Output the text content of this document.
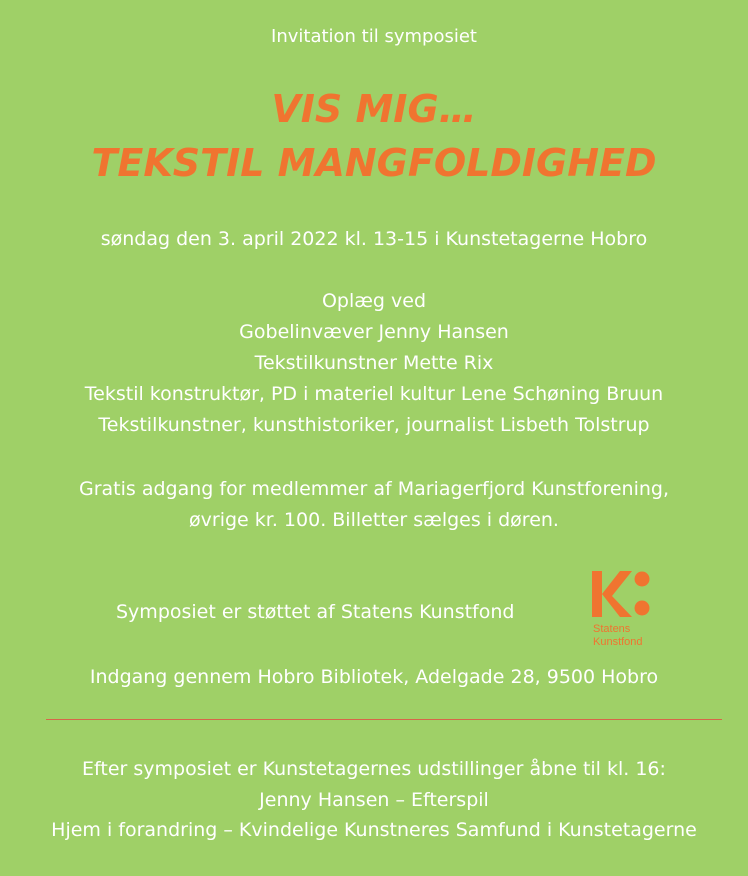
Invitation til symposiet
VIS MIG…
TEKSTIL MANGFOLDIGHED
søndag den 3. april 2022 kl. 13-15 i Kunstetagerne Hobro
Oplæg ved
Gobelinvæver Jenny Hansen
Tekstilkunstner Mette Rix
Tekstil konstruktør, PD i materiel kultur Lene Schøning Bruun
Tekstilkunstner, kunsthistoriker, journalist Lisbeth Tolstrup
Gratis adgang for medlemmer af Mariagerfjord Kunstforening,
øvrige kr. 100. Billetter sælges i døren.
Symposiet er støttet af Statens Kunstfond
Statens
Kunstfond
Indgang gennem Hobro Bibliotek, Adelgade 28, 9500 Hobro
Efter symposiet er Kunstetagernes udstillinger åbne til kl. 16:
Jenny Hansen – Efterspil
Hjem i forandring – Kvindelige Kunstneres Samfund i Kunstetagerne
